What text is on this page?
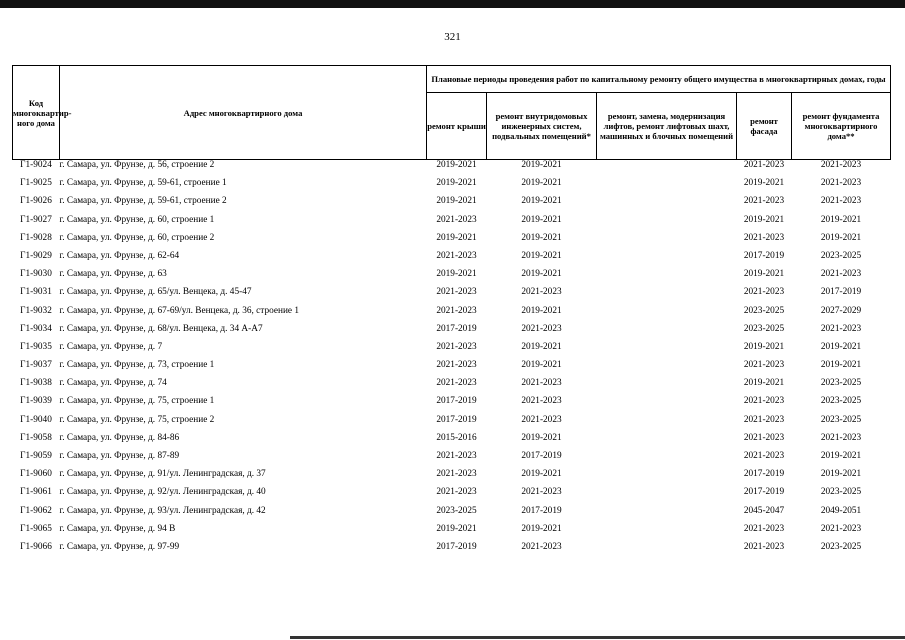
321
Код многоквартир-ного дома	Адрес многоквартирного дома	Плановые периоды проведения работ по капитальному ремонту общего имущества в многоквартирных домах, годы				
		ремонт крыши	ремонт внутридомовых инженерных систем, подвальных помещений*	ремонт, замена, модернизация лифтов, ремонт лифтовых шахт, машинных и блочных помещений	ремонт фасада	ремонт фундамента многоквартирного дома**
Г1-9024	г. Самара, ул. Фрунзе, д. 56, строение 2	2019-2021	2019-2021		2021-2023	2021-2023
Г1-9025	г. Самара, ул. Фрунзе, д. 59-61, строение 1	2019-2021	2019-2021		2019-2021	2021-2023
Г1-9026	г. Самара, ул. Фрунзе, д. 59-61, строение 2	2019-2021	2019-2021		2021-2023	2021-2023
Г1-9027	г. Самара, ул. Фрунзе, д. 60, строение 1	2021-2023	2019-2021		2019-2021	2019-2021
Г1-9028	г. Самара, ул. Фрунзе, д. 60, строение 2	2019-2021	2019-2021		2021-2023	2019-2021
Г1-9029	г. Самара, ул. Фрунзе, д. 62-64	2021-2023	2019-2021		2017-2019	2023-2025
Г1-9030	г. Самара, ул. Фрунзе, д. 63	2019-2021	2019-2021		2019-2021	2021-2023
Г1-9031	г. Самара, ул. Фрунзе, д. 65/ул. Венцека, д. 45-47	2021-2023	2021-2023		2021-2023	2017-2019
Г1-9032	г. Самара, ул. Фрунзе, д. 67-69/ул. Венцека, д. 36, строение 1	2021-2023	2019-2021		2023-2025	2027-2029
Г1-9034	г. Самара, ул. Фрунзе, д. 68/ул. Венцека, д. 34 А-А7	2017-2019	2021-2023		2023-2025	2021-2023
Г1-9035	г. Самара, ул. Фрунзе, д. 7	2021-2023	2019-2021		2019-2021	2019-2021
Г1-9037	г. Самара, ул. Фрунзе, д. 73, строение 1	2021-2023	2019-2021		2021-2023	2019-2021
Г1-9038	г. Самара, ул. Фрунзе, д. 74	2021-2023	2021-2023		2019-2021	2023-2025
Г1-9039	г. Самара, ул. Фрунзе, д. 75, строение 1	2017-2019	2021-2023		2021-2023	2023-2025
Г1-9040	г. Самара, ул. Фрунзе, д. 75, строение 2	2017-2019	2021-2023		2021-2023	2023-2025
Г1-9058	г. Самара, ул. Фрунзе, д. 84-86	2015-2016	2019-2021		2021-2023	2021-2023
Г1-9059	г. Самара, ул. Фрунзе, д. 87-89	2021-2023	2017-2019		2021-2023	2019-2021
Г1-9060	г. Самара, ул. Фрунзе, д. 91/ул. Ленинградская, д. 37	2021-2023	2019-2021		2017-2019	2019-2021
Г1-9061	г. Самара, ул. Фрунзе, д. 92/ул. Ленинградская, д. 40	2021-2023	2021-2023		2017-2019	2023-2025
Г1-9062	г. Самара, ул. Фрунзе, д. 93/ул. Ленинградская, д. 42	2023-2025	2017-2019		2045-2047	2049-2051
Г1-9065	г. Самара, ул. Фрунзе, д. 94 В	2019-2021	2019-2021		2021-2023	2021-2023
Г1-9066	г. Самара, ул. Фрунзе, д. 97-99	2017-2019	2021-2023		2021-2023	2023-2025
